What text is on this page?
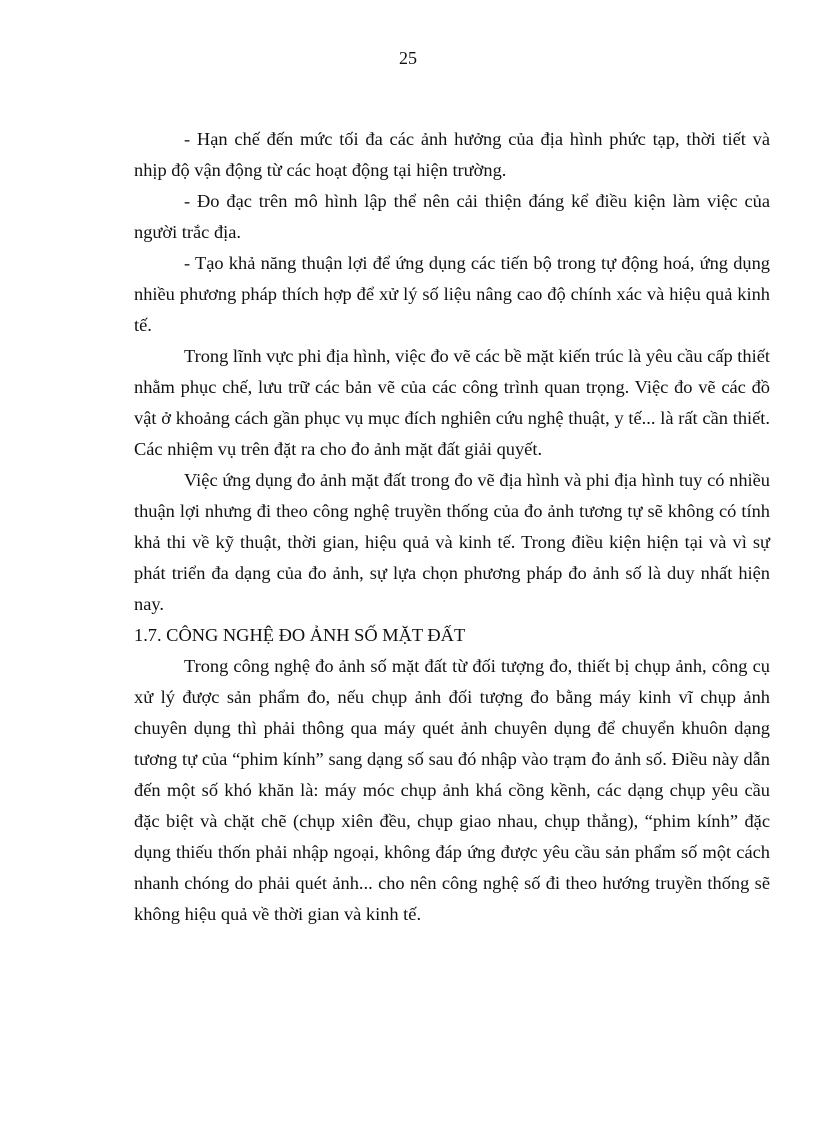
25

- Hạn chế đến mức tối đa các ảnh hưởng của địa hình phức tạp, thời tiết và nhịp độ vận động từ các hoạt động tại hiện trường.

- Đo đạc trên mô hình lập thể nên cải thiện đáng kể điều kiện làm việc của người trắc địa.

- Tạo khả năng thuận lợi để ứng dụng các tiến bộ trong tự động hoá, ứng dụng nhiều phương pháp thích hợp để xử lý số liệu nâng cao độ chính xác và hiệu quả kinh tế.

Trong lĩnh vực phi địa hình, việc đo vẽ các bề mặt kiến trúc là yêu cầu cấp thiết nhằm phục chế, lưu trữ các bản vẽ của các công trình quan trọng. Việc đo vẽ các đồ vật ở khoảng cách gần phục vụ mục đích nghiên cứu nghệ thuật, y tế... là rất cần thiết. Các nhiệm vụ trên đặt ra cho đo ảnh mặt đất giải quyết.

Việc ứng dụng đo ảnh mặt đất trong đo vẽ địa hình và phi địa hình tuy có nhiều thuận lợi nhưng đi theo công nghệ truyền thống của đo ảnh tương tự sẽ không có tính khả thi về kỹ thuật, thời gian, hiệu quả và kinh tế. Trong điều kiện hiện tại và vì sự phát triển đa dạng của đo ảnh, sự lựa chọn phương pháp đo ảnh số là duy nhất hiện nay.

1.7. CÔNG NGHỆ ĐO ẢNH SỐ MẶT ĐẤT

Trong công nghệ đo ảnh số mặt đất từ đối tượng đo, thiết bị chụp ảnh, công cụ xử lý được sản phẩm đo, nếu chụp ảnh đối tượng đo bằng máy kinh vĩ chụp ảnh chuyên dụng thì phải thông qua máy quét ảnh chuyên dụng để chuyển khuôn dạng tương tự của “phim kính” sang dạng số sau đó nhập vào trạm đo ảnh số. Điều này dẫn đến một số khó khăn là: máy móc chụp ảnh khá cồng kềnh, các dạng chụp yêu cầu đặc biệt và chặt chẽ (chụp xiên đều, chụp giao nhau, chụp thẳng), “phim kính” đặc dụng thiếu thốn phải nhập ngoại, không đáp ứng được yêu cầu sản phẩm số một cách nhanh chóng do phải quét ảnh... cho nên công nghệ số đi theo hướng truyền thống sẽ không hiệu quả về thời gian và kinh tế.
